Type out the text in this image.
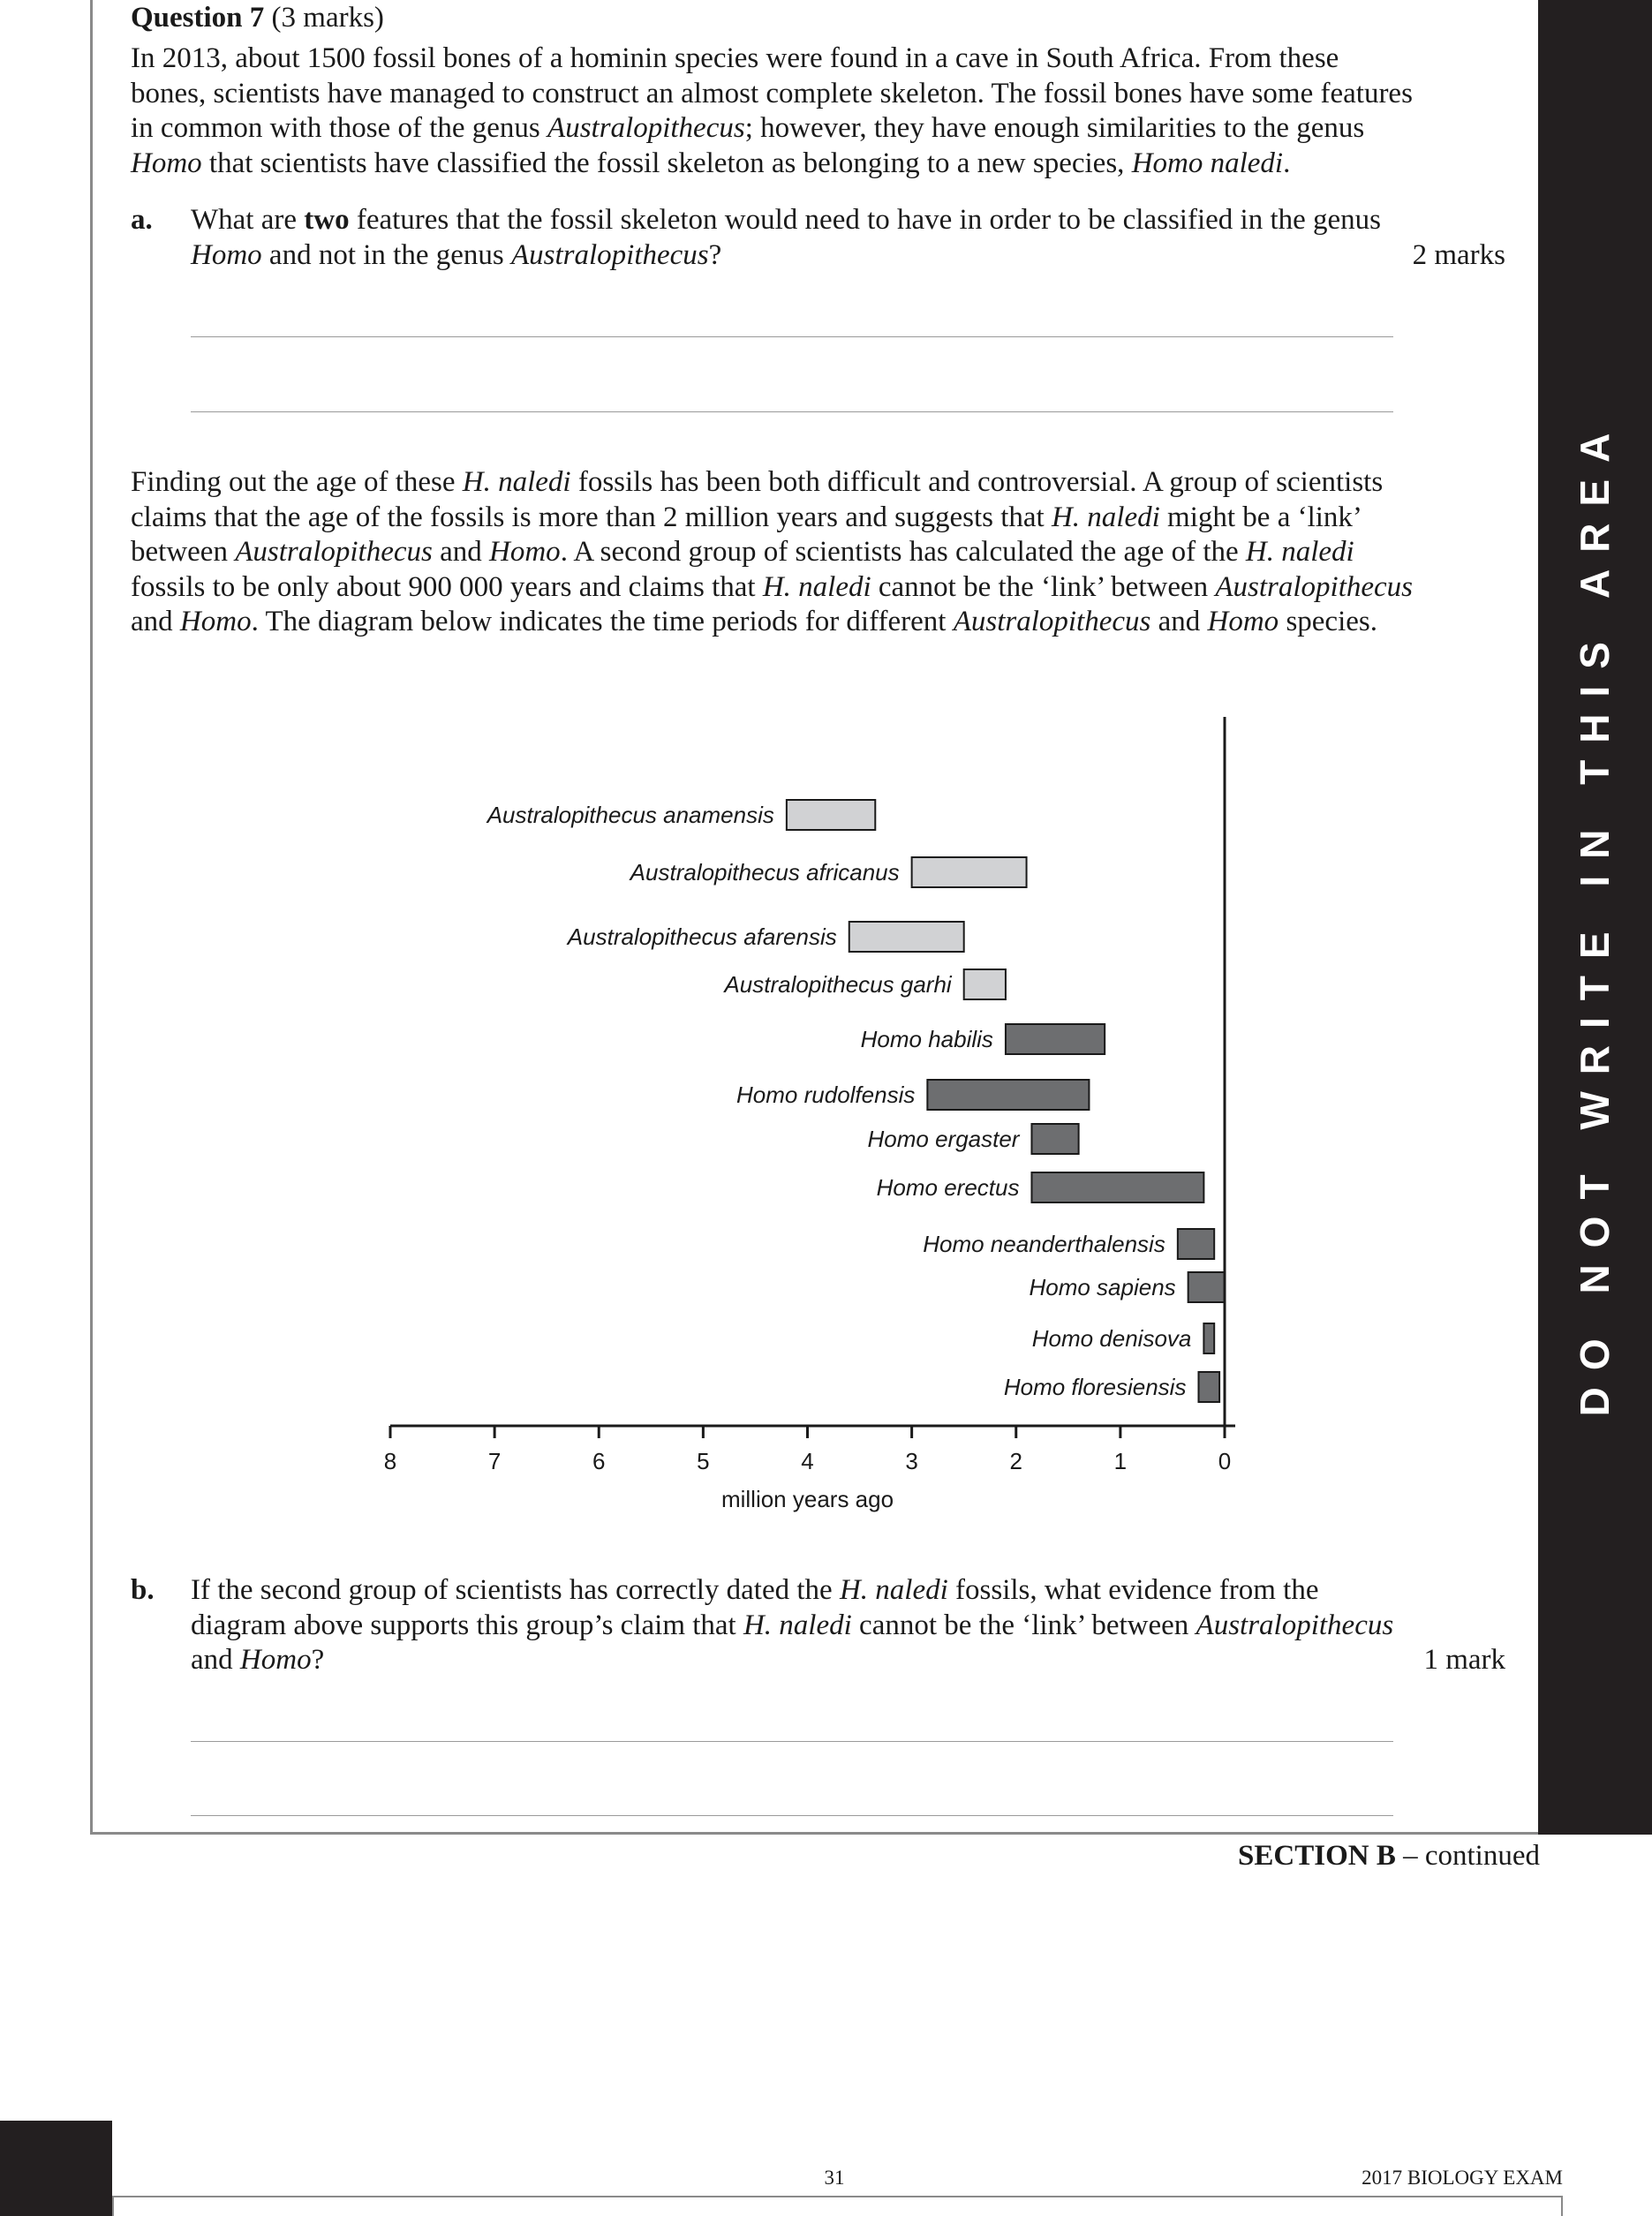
DO NOT WRITE IN THIS AREA
Question 7 (3 marks)
In 2013, about 1500 fossil bones of a hominin species were found in a cave in South Africa. From these bones, scientists have managed to construct an almost complete skeleton. The fossil bones have some features in common with those of the genus Australopithecus; however, they have enough similarities to the genus Homo that scientists have classified the fossil skeleton as belonging to a new species, Homo naledi.
a. What are two features that the fossil skeleton would need to have in order to be classified in the genus Homo and not in the genus Australopithecus?	2 marks
Finding out the age of these H. naledi fossils has been both difficult and controversial. A group of scientists claims that the age of the fossils is more than 2 million years and suggests that H. naledi might be a ‘link’ between Australopithecus and Homo. A second group of scientists has calculated the age of the H. naledi fossils to be only about 900 000 years and claims that H. naledi cannot be the ‘link’ between Australopithecus and Homo. The diagram below indicates the time periods for different Australopithecus and Homo species.
Australopithecus anamensis
Australopithecus africanus
Australopithecus afarensis
Australopithecus garhi
Homo habilis
Homo rudolfensis
Homo ergaster
Homo erectus
Homo neanderthalensis
Homo sapiens
Homo denisova
Homo floresiensis
8	7	6	5	4	3	2	1	0
million years ago
b. If the second group of scientists has correctly dated the H. naledi fossils, what evidence from the diagram above supports this group’s claim that H. naledi cannot be the ‘link’ between Australopithecus and Homo?	1 mark
SECTION B – continued
31	2017 BIOLOGY EXAM
